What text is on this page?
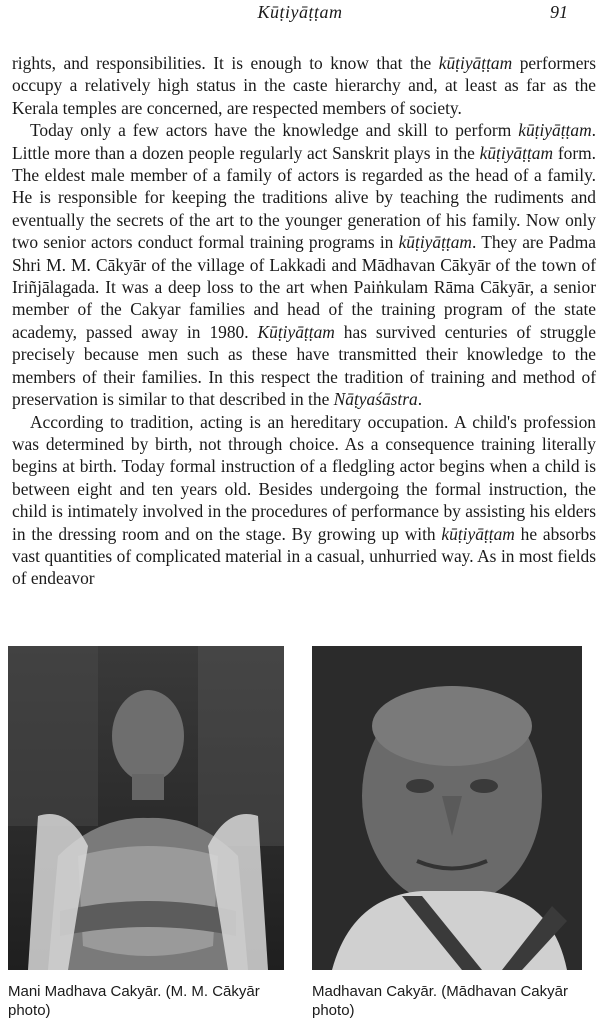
Kūṭiyāṭṭam	91

rights, and responsibilities. It is enough to know that the kūṭiyāṭṭam performers occupy a relatively high status in the caste hierarchy and, at least as far as the Kerala temples are concerned, are respected members of society.

Today only a few actors have the knowledge and skill to perform kūṭiyāṭṭam. Little more than a dozen people regularly act Sanskrit plays in the kūṭiyāṭṭam form. The eldest male member of a family of actors is regarded as the head of a family. He is responsible for keeping the traditions alive by teaching the rudiments and eventually the secrets of the art to the younger generation of his family. Now only two senior actors conduct formal training programs in kūṭiyāṭṭam. They are Padma Shri M. M. Cākyār of the village of Lakkadi and Mādhavan Cākyār of the town of Iriñjālagada. It was a deep loss to the art when Paiṅkulam Rāma Cākyār, a senior member of the Cakyar families and head of the training program of the state academy, passed away in 1980. Kūṭiyāṭṭam has survived centuries of struggle precisely because men such as these have transmitted their knowledge to the members of their families. In this respect the tradition of training and method of preservation is similar to that described in the Nāṭyaśāstra.

According to tradition, acting is an hereditary occupation. A child's profession was determined by birth, not through choice. As a consequence training literally begins at birth. Today formal instruction of a fledgling actor begins when a child is between eight and ten years old. Besides undergoing the formal instruction, the child is intimately involved in the procedures of performance by assisting his elders in the dressing room and on the stage. By growing up with kūṭiyāṭṭam he absorbs vast quantities of complicated material in a casual, unhurried way. As in most fields of endeavor

Mani Madhava Cakyār. (M. M. Cākyār photo)
Madhavan Cakyār. (Mādhavan Cakyār photo)
